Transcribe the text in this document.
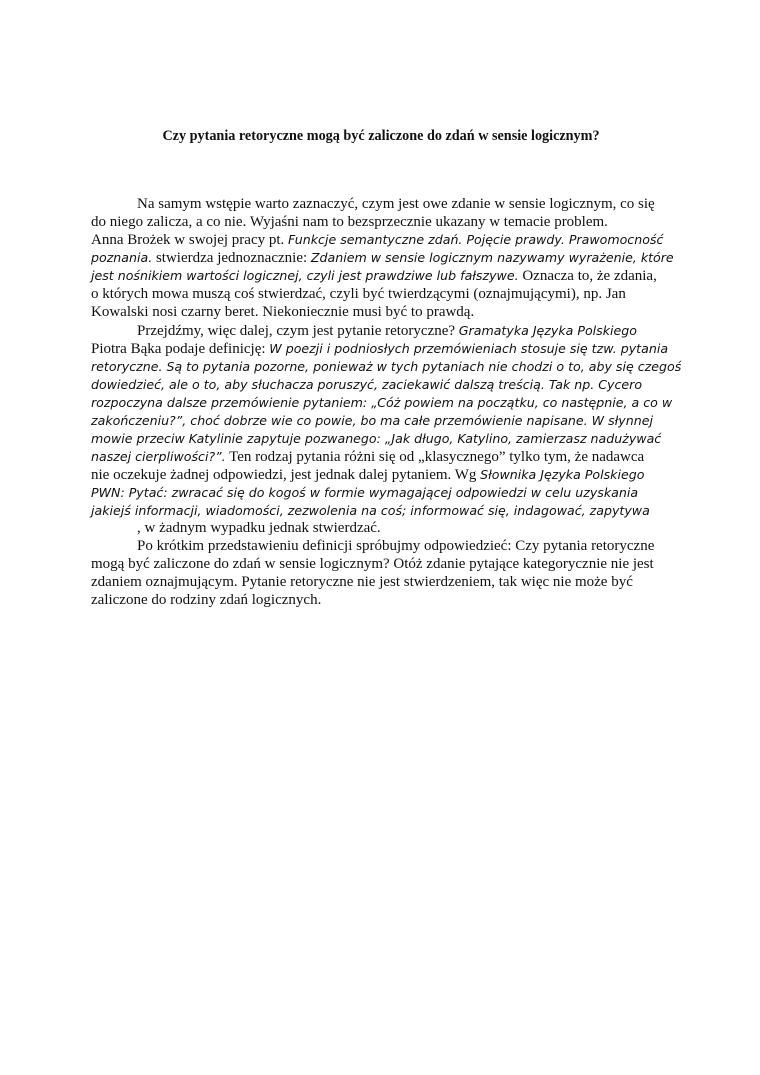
Czy pytania retoryczne mogą być zaliczone do zdań w sensie logicznym?
Na samym wstępie warto zaznaczyć, czym jest owe zdanie w sensie logicznym, co się
do niego zalicza, a co nie. Wyjaśni nam to bezsprzecznie ukazany w temacie problem.
Anna Brożek w swojej pracy pt. Funkcje semantyczne zdań. Pojęcie prawdy. Prawomocność
poznania. stwierdza jednoznacznie: Zdaniem w sensie logicznym nazywamy wyrażenie, które
jest nośnikiem wartości logicznej, czyli jest prawdziwe lub fałszywe. Oznacza to, że zdania,
o których mowa muszą coś stwierdzać, czyli być twierdzącymi (oznajmującymi), np. Jan
Kowalski nosi czarny beret. Niekoniecznie musi być to prawdą.
Przejdźmy, więc dalej, czym jest pytanie retoryczne? Gramatyka Języka Polskiego
Piotra Bąka podaje definicję: W poezji i podniosłych przemówieniach stosuje się tzw. pytania
retoryczne. Są to pytania pozorne, ponieważ w tych pytaniach nie chodzi o to, aby się czegoś
dowiedzieć, ale o to, aby słuchacza poruszyć, zaciekawić dalszą treścią. Tak np. Cycero
rozpoczyna dalsze przemówienie pytaniem: „Cóż powiem na początku, co następnie, a co w
zakończeniu?”, choć dobrze wie co powie, bo ma całe przemówienie napisane. W słynnej
mowie przeciw Katylinie zapytuje pozwanego: „Jak długo, Katylino, zamierzasz nadużywać
naszej cierpliwości?”. Ten rodzaj pytania różni się od „klasycznego” tylko tym, że nadawca
nie oczekuje żadnej odpowiedzi, jest jednak dalej pytaniem. Wg Słownika Języka Polskiego
PWN: Pytać: zwracać się do kogoś w formie wymagającej odpowiedzi w celu uzyskania
jakiejś informacji, wiadomości, zezwolenia na coś; informować się, indagować, zapytywa
, w żadnym wypadku jednak stwierdzać.
Po krótkim przedstawieniu definicji spróbujmy odpowiedzieć: Czy pytania retoryczne
mogą być zaliczone do zdań w sensie logicznym? Otóż zdanie pytające kategorycznie nie jest
zdaniem oznajmującym. Pytanie retoryczne nie jest stwierdzeniem, tak więc nie może być
zaliczone do rodziny zdań logicznych.
